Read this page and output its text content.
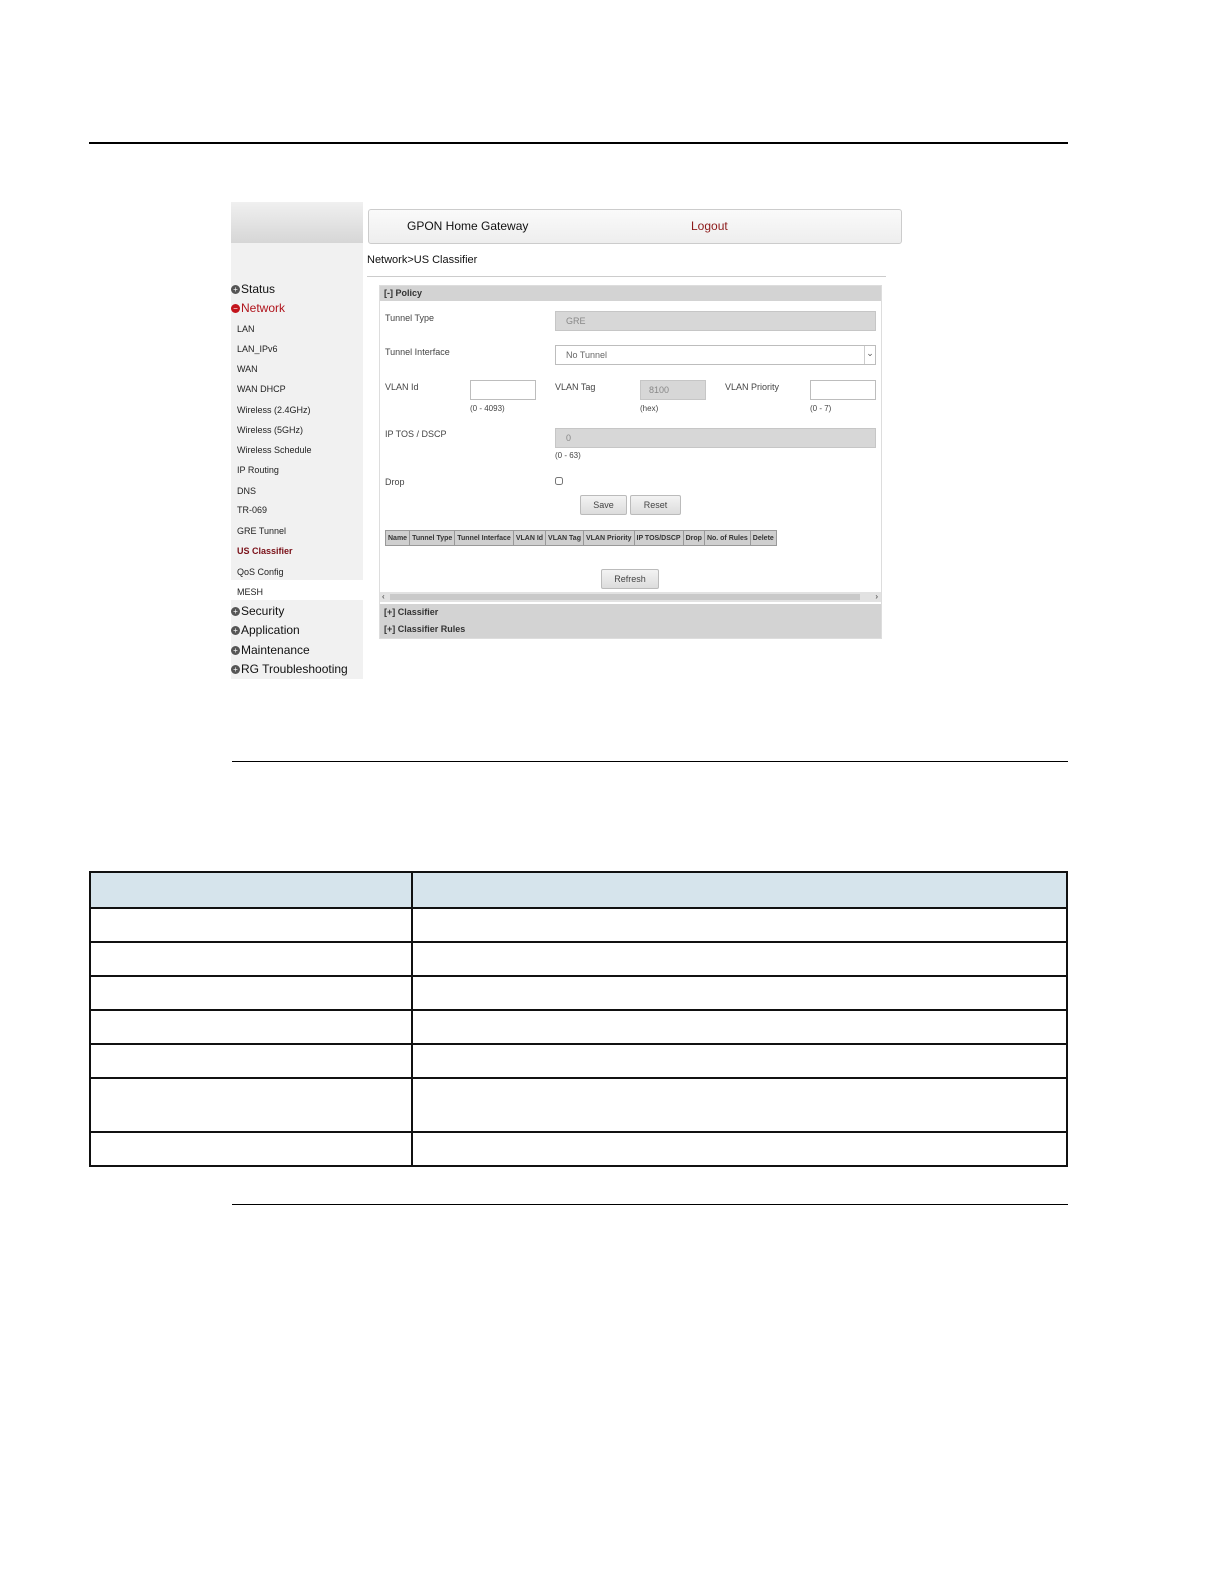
+ Status
− Network
LAN
LAN_IPv6
WAN
WAN DHCP
Wireless (2.4GHz)
Wireless (5GHz)
Wireless Schedule
IP Routing
DNS
TR-069
GRE Tunnel
US Classifier
QoS Config
MESH
+ Security
+ Application
+ Maintenance
+ RG Troubleshooting
GPON Home Gateway	Logout
Network>US Classifier
[-] Policy
Tunnel Type	GRE
Tunnel Interface	No Tunnel	⌄
VLAN Id
(0 - 4093)
VLAN Tag	8100
(hex)
VLAN Priority
(0 - 7)
IP TOS / DSCP	0
(0 - 63)
Drop
Save	Reset
Name	Tunnel Type	Tunnel Interface	VLAN Id	VLAN Tag	VLAN Priority	IP TOS/DSCP	Drop	No. of Rules	Delete
Refresh
‹	›
[+] Classifier
[+] Classifier Rules
